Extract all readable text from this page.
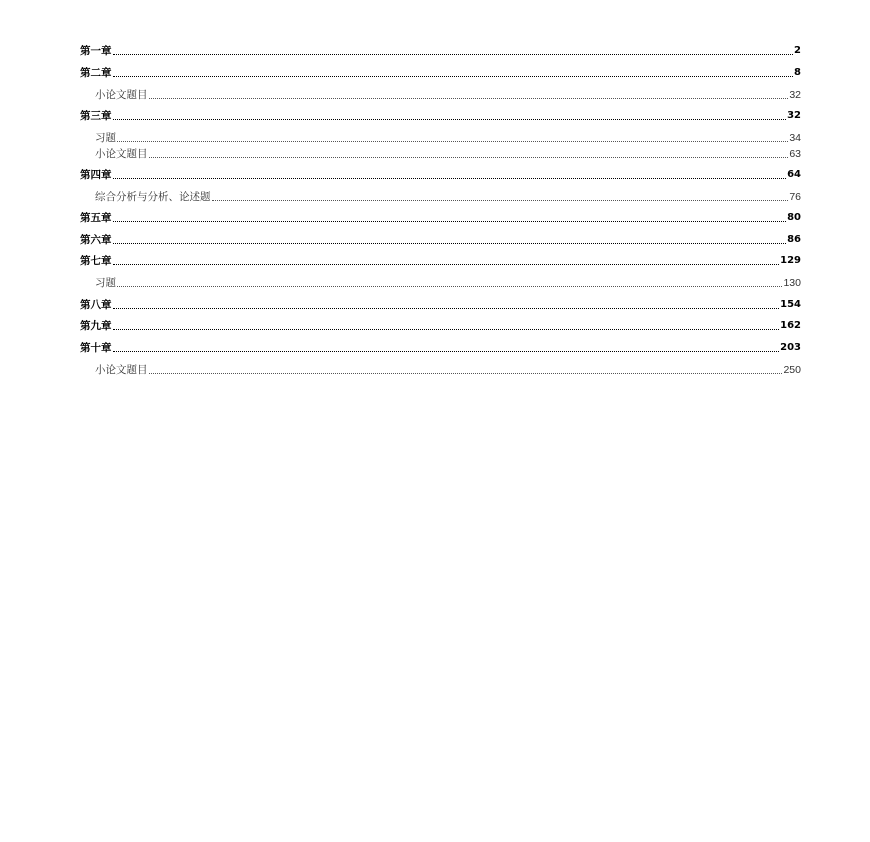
第一章	2
第二章	8
小论文题目	32
第三章	32
习题	34
小论文题目	63
第四章	64
综合分析与分析、论述题	76
第五章	80
第六章	86
第七章	129
习题	130
第八章	154
第九章	162
第十章	203
小论文题目	250
